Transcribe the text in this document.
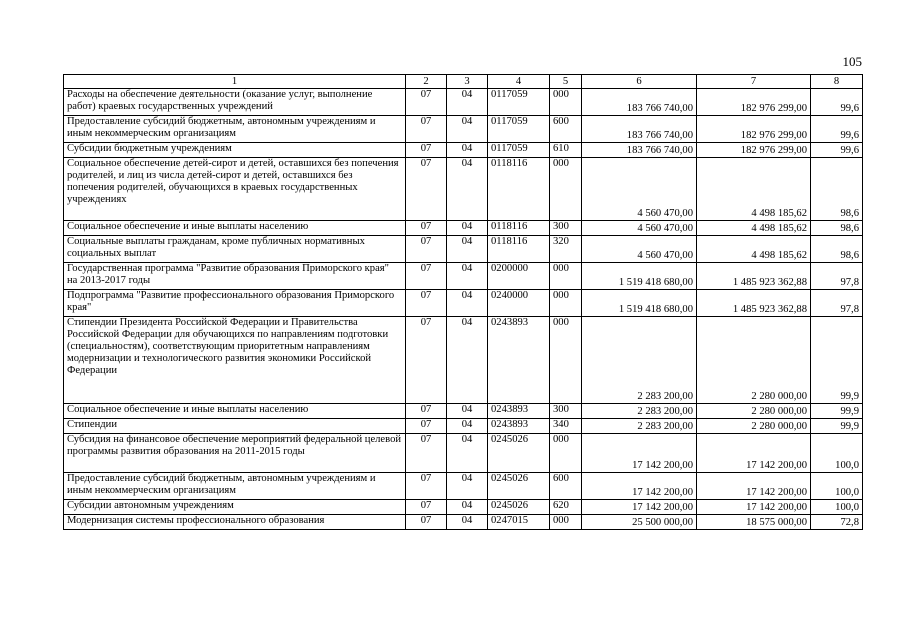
105
1	2	3	4	5	6	7	8
Расходы на обеспечение деятельности (оказание услуг, выполнение работ) краевых государственных учреждений	07	04	0117059	000	183 766 740,00	182 976 299,00	99,6
Предоставление субсидий бюджетным, автономным учреждениям и иным некоммерческим организациям	07	04	0117059	600	183 766 740,00	182 976 299,00	99,6
Субсидии бюджетным учреждениям	07	04	0117059	610	183 766 740,00	182 976 299,00	99,6
Социальное обеспечение детей-сирот и детей, оставшихся без попечения родителей, и лиц из числа детей-сирот и детей, оставшихся без попечения родителей, обучающихся в краевых государственных учреждениях	07	04	0118116	000	4 560 470,00	4 498 185,62	98,6
Социальное обеспечение и иные выплаты населению	07	04	0118116	300	4 560 470,00	4 498 185,62	98,6
Социальные выплаты гражданам, кроме публичных нормативных социальных выплат	07	04	0118116	320	4 560 470,00	4 498 185,62	98,6
Государственная программа "Развитие образования Приморского края" на 2013-2017 годы	07	04	0200000	000	1 519 418 680,00	1 485 923 362,88	97,8
Подпрограмма "Развитие профессионального образования Приморского края"	07	04	0240000	000	1 519 418 680,00	1 485 923 362,88	97,8
Стипендии Президента Российской Федерации и Правительства Российской Федерации для обучающихся по направлениям подготовки (специальностям), соответствующим приоритетным направлениям модернизации и технологического развития экономики Российской Федерации	07	04	0243893	000	2 283 200,00	2 280 000,00	99,9
Социальное обеспечение и иные выплаты населению	07	04	0243893	300	2 283 200,00	2 280 000,00	99,9
Стипендии	07	04	0243893	340	2 283 200,00	2 280 000,00	99,9
Субсидия на финансовое обеспечение мероприятий федеральной целевой программы развития образования на 2011-2015 годы	07	04	0245026	000	17 142 200,00	17 142 200,00	100,0
Предоставление субсидий бюджетным, автономным учреждениям и иным некоммерческим организациям	07	04	0245026	600	17 142 200,00	17 142 200,00	100,0
Субсидии автономным учреждениям	07	04	0245026	620	17 142 200,00	17 142 200,00	100,0
Модернизация системы профессионального образования	07	04	0247015	000	25 500 000,00	18 575 000,00	72,8
